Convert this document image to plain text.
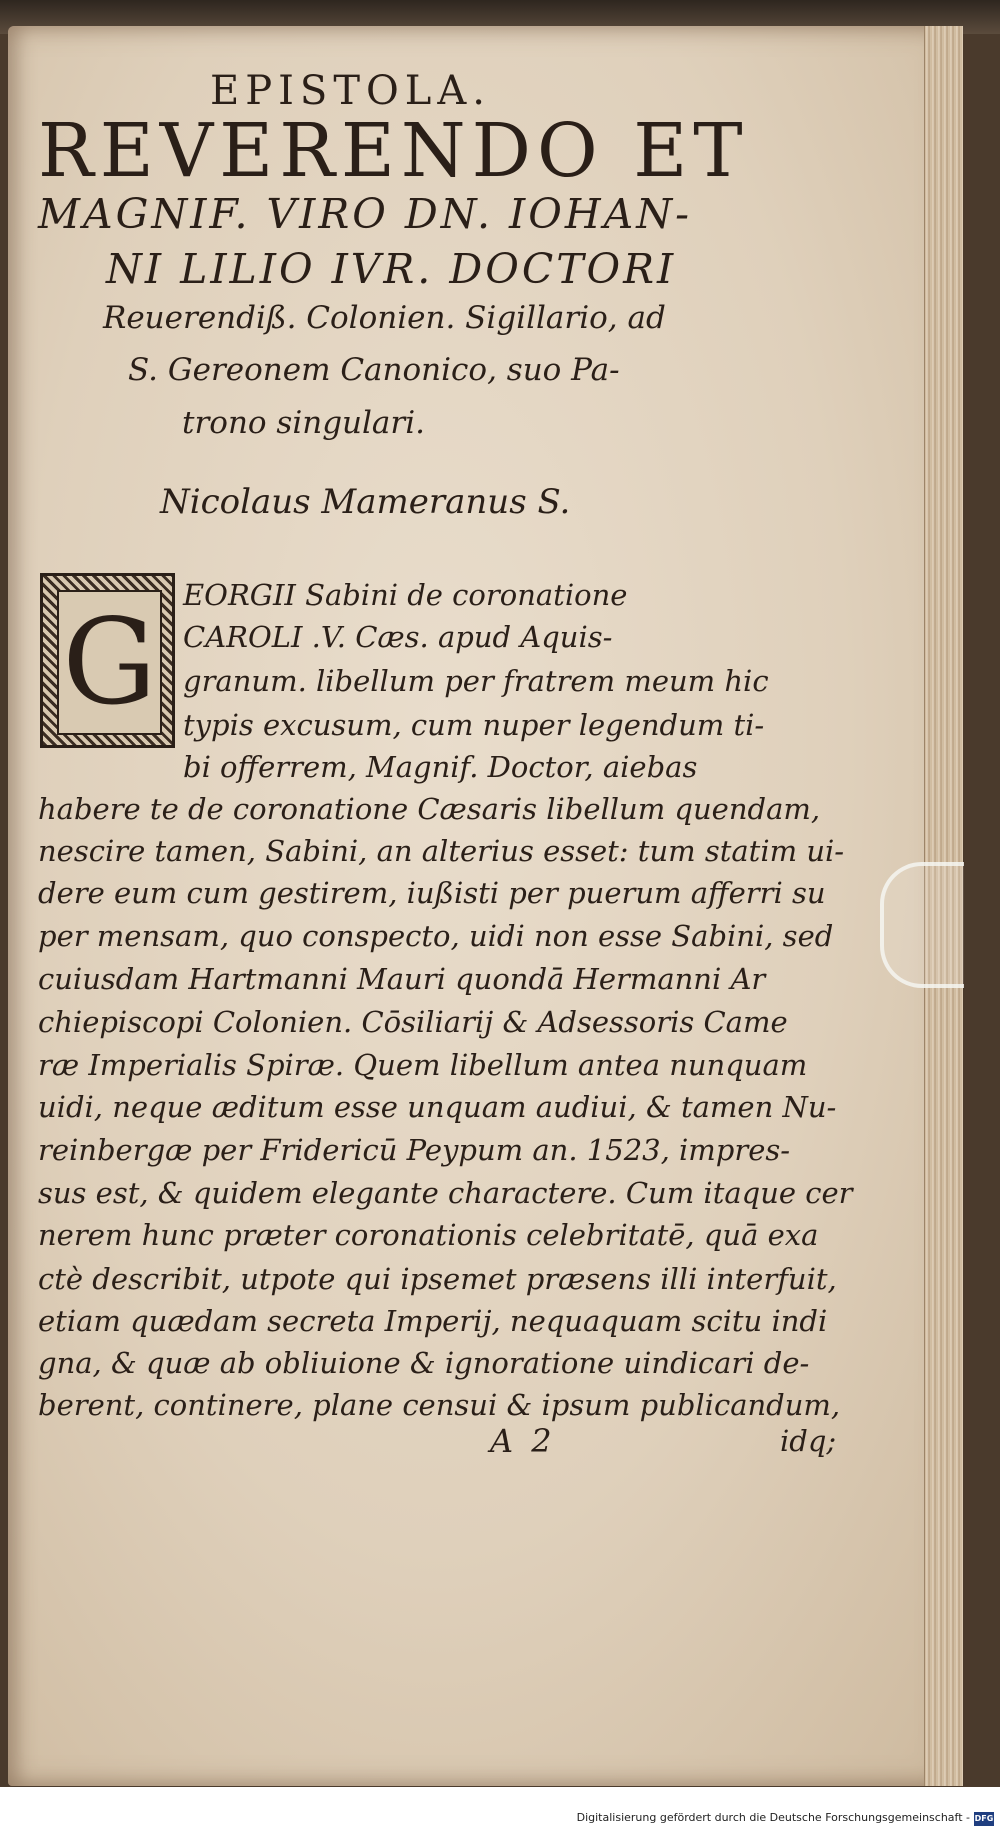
EPISTOLA.
REVERENDO ET
MAGNIF. VIRO DN. IOHAN-
NI LILIO IVR. DOCTORI
Reuerendiß. Colonien. Sigillario, ad
S. Gereonem Canonico, suo Pa-
trono singulari.
Nicolaus Mameranus S.
G EORGII Sabini de coronatione
CAROLI .V. Cæs. apud Aquis-
granum. libellum per fratrem meum hic
typis excusum, cum nuper legendum ti-
bi offerrem, Magnif. Doctor, aiebas
habere te de coronatione Cæsaris libellum quendam,
nescire tamen, Sabini, an alterius esset: tum statim ui-
dere eum cum gestirem, iußisti per puerum afferri su
per mensam, quo conspecto, uidi non esse Sabini, sed
cuiusdam Hartmanni Mauri quondā Hermanni Ar
chiepiscopi Colonien. Cōsiliarij & Adsessoris Came
ræ Imperialis Spiræ. Quem libellum antea nunquam
uidi, neque æditum esse unquam audiui, & tamen Nu-
reinbergæ per Fridericū Peypum an. 1523, impres-
sus est, & quidem elegante charactere. Cum itaque cer
nerem hunc præter coronationis celebritatē, quā exa
ctè describit, utpote qui ipsemet præsens illi interfuit,
etiam quædam secreta Imperij, nequaquam scitu indi
gna, & quæ ab obliuione & ignoratione uindicari de-
berent, continere, plane censui & ipsum publicandum,
A 2	idq;
Digitalisierung gefördert durch die Deutsche Forschungsgemeinschaft - DFG
